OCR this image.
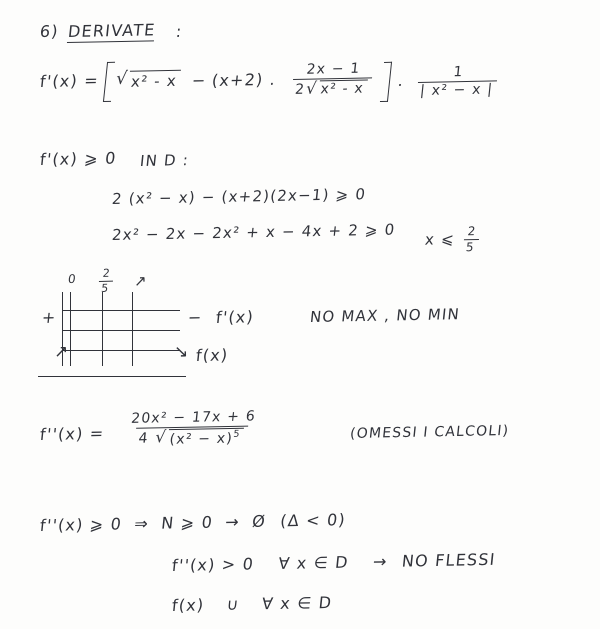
6) DERIVATE :
f'(x) = √ x² - x − (x+2) . $\frac{2x - 1}{\text{2 √ x² - x}}$ . $\frac{1}{\text{| x² − x |}}$
f'(x) ⩾ 0 IN D :
2 (x² − x) − (x+2)(2x−1) ⩾ 0
2x² − 2x − 2x² + x − 4x + 2 ⩾ 0 x ⩽ $\frac{2}{5}$
$0 \frac{2}{5}$ ↗
+	− f'(x)
↗	↘ f(x)
NO MAX , NO MIN
$f''(x) = \frac{\text{20x² − 17x + 6}}{4 √ (x^2 - x)^5}$	(OMESSI I CALCOLI)
f''(x) ⩾ 0 ⇒ N ⩾ 0 → Ø (Δ < 0)
f''(x) > 0 ∀ x ∈ D → NO FLESSI
f(x) ∪ ∀ x ∈ D
